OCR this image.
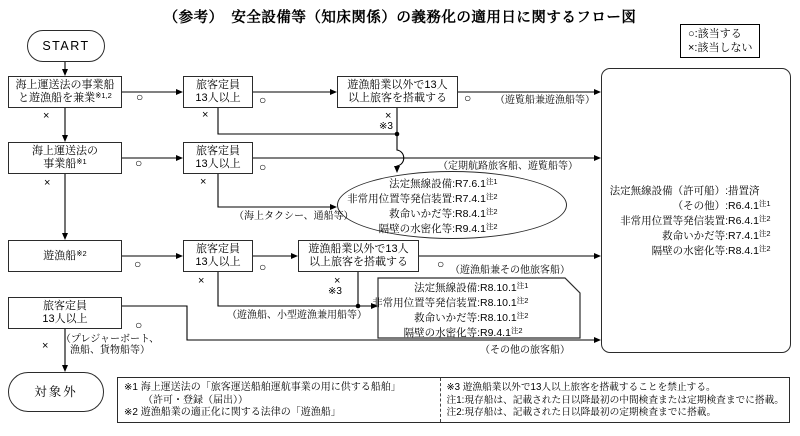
（参考）　安全設備等（知床関係）の義務化の適用日に関するフロー図
○:該当する
×:該当しない
START
海上運送法の事業船
と遊漁船を兼業$^{※1,2}$
旅客定員
13人以上
遊漁船業以外で13人
以上旅客を搭載する
海上運送法の
事業船$^{※1}$
旅客定員
13人以上
遊漁船$^{※2}$	旅客定員
13人以上
遊漁船業以外で13人
以上旅客を搭載する
旅客定員
13人以上
対象外
法定無線設備（許可船）: 措置済
（その他）: R6.4.1$^{注1}$
非常用位置等発信装置: R6.4.1$^{注2}$
救命いかだ等: R7.4.1$^{注2}$
隔壁の水密化等: R8.4.1$^{注2}$
法定無線設備: R7.6.1$^{注1}$
非常用位置等発信装置: R7.4.1$^{注2}$
救命いかだ等: R8.4.1$^{注2}$
隔壁の水密化等: R9.4.1$^{注2}$
法定無線設備: R8.10.1$^{注1}$
非常用位置等発信装置: R8.10.1$^{注2}$
救命いかだ等: R8.10.1$^{注2}$
隔壁の水密化等: R9.4.1$^{注2}$
○	○	○
○	○
○	○	○
○
×	×	×
×	×
×	×
×
※3
※3
（遊覧船兼遊漁船等）
（定期航路旅客船、遊覧船等）
（海上タクシー、通船等）
（遊漁船兼その他旅客船）
（遊漁船、小型遊漁兼用船等）
（プレジャーボート、
漁船、貨物船等）	（その他の旅客船）
※1 海上運送法の「旅客運送船舶運航事業の用に供する船舶」
（許可・登録（届出））
※2 遊漁船業の適正化に関する法律の「遊漁船」
※3 遊漁船業以外で13人以上旅客を搭載することを禁止する。
注1:現存船は、記載された日以降最初の中間検査または定期検査までに搭載。
注2:現存船は、記載された日以降最初の定期検査までに搭載。
